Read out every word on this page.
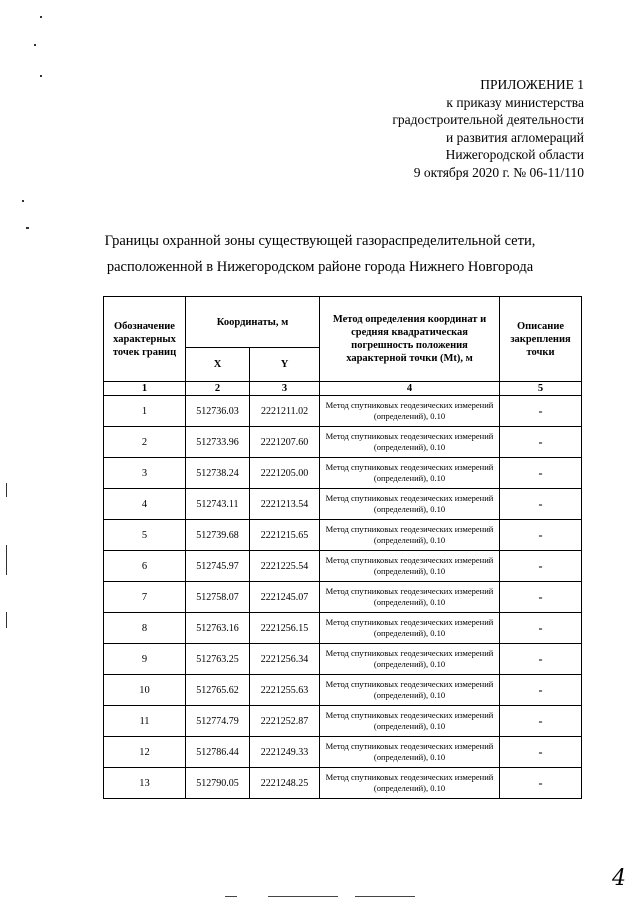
ПРИЛОЖЕНИЕ 1
к приказу министерства
градостроительной деятельности
и развития агломераций
Нижегородской области
9 октября 2020 г. № 06-11/110
Границы охранной зоны существующей газораспределительной сети,
расположенной в Нижегородском районе города Нижнего Новгорода
Обозначение характерных точек границ	Координаты, м		Метод определения координат и средняя квадратическая погрешность положения характерной точки (Mt), м	Описание закрепления точки
	X	Y		
1	2	3	4	5
1	512736.03	2221211.02	Метод спутниковых геодезических измерений (определений), 0.10	-
2	512733.96	2221207.60	Метод спутниковых геодезических измерений (определений), 0.10	-
3	512738.24	2221205.00	Метод спутниковых геодезических измерений (определений), 0.10	-
4	512743.11	2221213.54	Метод спутниковых геодезических измерений (определений), 0.10	-
5	512739.68	2221215.65	Метод спутниковых геодезических измерений (определений), 0.10	-
6	512745.97	2221225.54	Метод спутниковых геодезических измерений (определений), 0.10	-
7	512758.07	2221245.07	Метод спутниковых геодезических измерений (определений), 0.10	-
8	512763.16	2221256.15	Метод спутниковых геодезических измерений (определений), 0.10	-
9	512763.25	2221256.34	Метод спутниковых геодезических измерений (определений), 0.10	-
10	512765.62	2221255.63	Метод спутниковых геодезических измерений (определений), 0.10	-
11	512774.79	2221252.87	Метод спутниковых геодезических измерений (определений), 0.10	-
12	512786.44	2221249.33	Метод спутниковых геодезических измерений (определений), 0.10	-
13	512790.05	2221248.25	Метод спутниковых геодезических измерений (определений), 0.10	-
4
